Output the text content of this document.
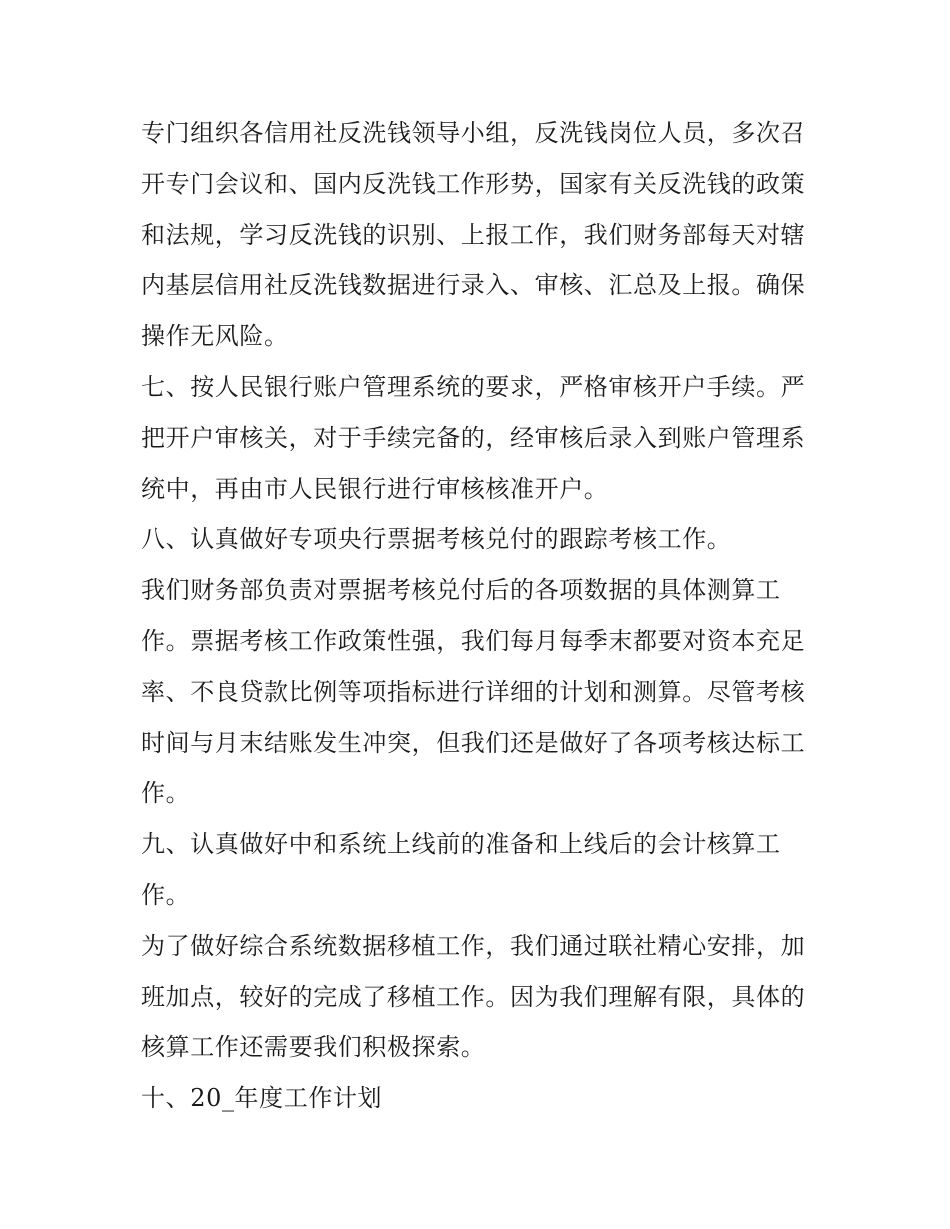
专门组织各信用社反洗钱领导小组，反洗钱岗位人员，多次召开专门会议和、国内反洗钱工作形势，国家有关反洗钱的政策和法规，学习反洗钱的识别、上报工作，我们财务部每天对辖内基层信用社反洗钱数据进行录入、审核、汇总及上报。确保操作无风险。

七、按人民银行账户管理系统的要求，严格审核开户手续。严把开户审核关，对于手续完备的，经审核后录入到账户管理系统中，再由市人民银行进行审核核准开户。

八、认真做好专项央行票据考核兑付的跟踪考核工作。

我们财务部负责对票据考核兑付后的各项数据的具体测算工作。票据考核工作政策性强，我们每月每季末都要对资本充足率、不良贷款比例等项指标进行详细的计划和测算。尽管考核时间与月末结账发生冲突，但我们还是做好了各项考核达标工作。

九、认真做好中和系统上线前的准备和上线后的会计核算工作。

为了做好综合系统数据移植工作，我们通过联社精心安排，加班加点，较好的完成了移植工作。因为我们理解有限，具体的核算工作还需要我们积极探索。

十、20_年度工作计划
